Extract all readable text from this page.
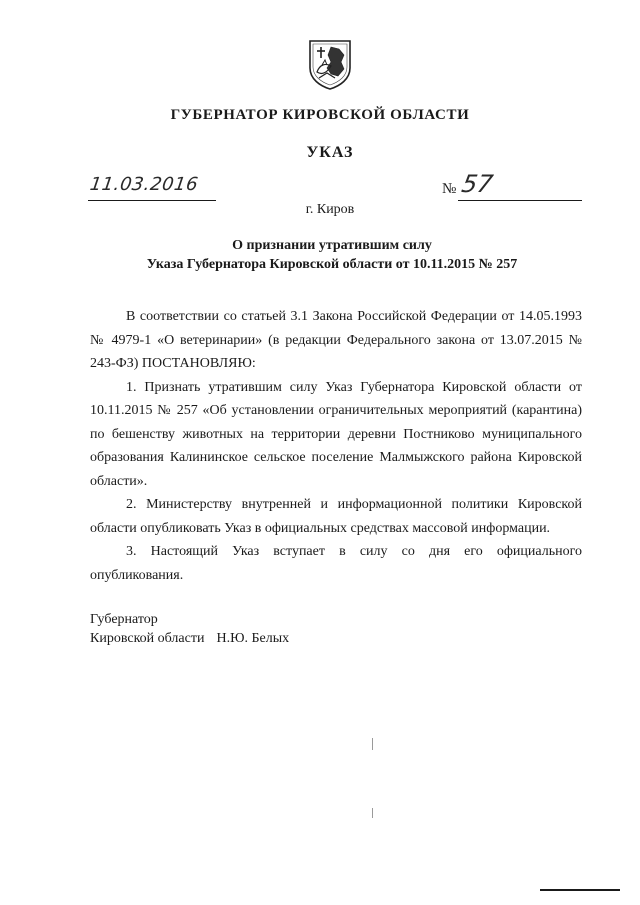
ГУБЕРНАТОР КИРОВСКОЙ ОБЛАСТИ
УКАЗ
11.03.2016	№ 57
г. Киров
О признании утратившим силу
Указа Губернатора Кировской области от 10.11.2015 № 257

В соответствии со статьей 3.1 Закона Российской Федерации от 14.05.1993 № 4979-1 «О ветеринарии» (в редакции Федерального закона от 13.07.2015 № 243-ФЗ) ПОСТАНОВЛЯЮ:

1. Признать утратившим силу Указ Губернатора Кировской области от 10.11.2015 № 257 «Об установлении ограничительных мероприятий (карантина) по бешенству животных на территории деревни Постниково муниципального образования Калининское сельское поселение Малмыжского района Кировской области».

2. Министерству внутренней и информационной политики Кировской области опубликовать Указ в официальных средствах массовой информации.

3. Настоящий Указ вступает в силу со дня его официального опубликования.

Губернатор
Кировской области Н.Ю. Белых
